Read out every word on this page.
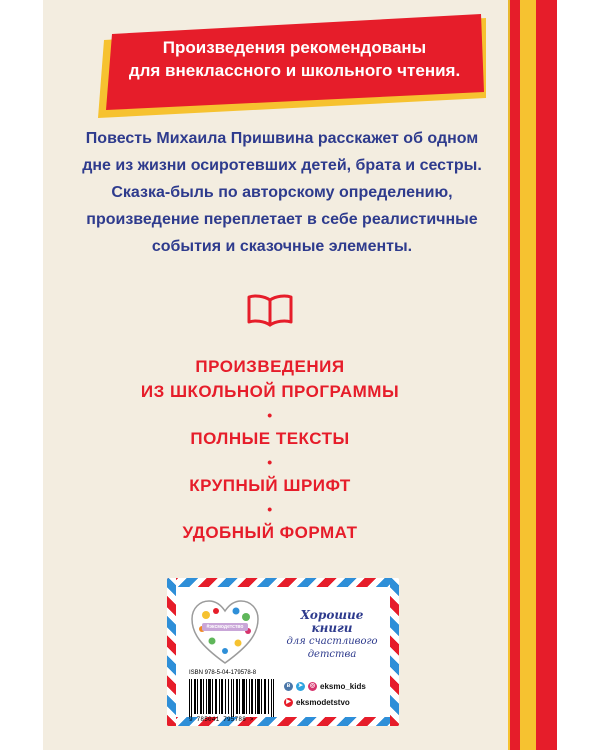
Произведения рекомендованы
для внеклассного и школьного чтения.
Повесть Михаила Пришвина расскажет об одном
дне из жизни осиротевших детей, брата и сестры.
Сказка-быль по авторскому определению,
произведение переплетает в себе реалистичные
события и сказочные элементы.
ПРОИЗВЕДЕНИЯ
ИЗ ШКОЛЬНОЙ ПРОГРАММЫ
•
ПОЛНЫЕ ТЕКСТЫ
•
КРУПНЫЙ ШРИФТ
•
УДОБНЫЙ ФОРМАТ
#эксмодетство
Хорошие
книги
для счастливого
детства
ISBN 978-5-04-179578-8
9 785041 795788 >
в	➤	◎ eksmo_kids
▶ eksmodetstvo
